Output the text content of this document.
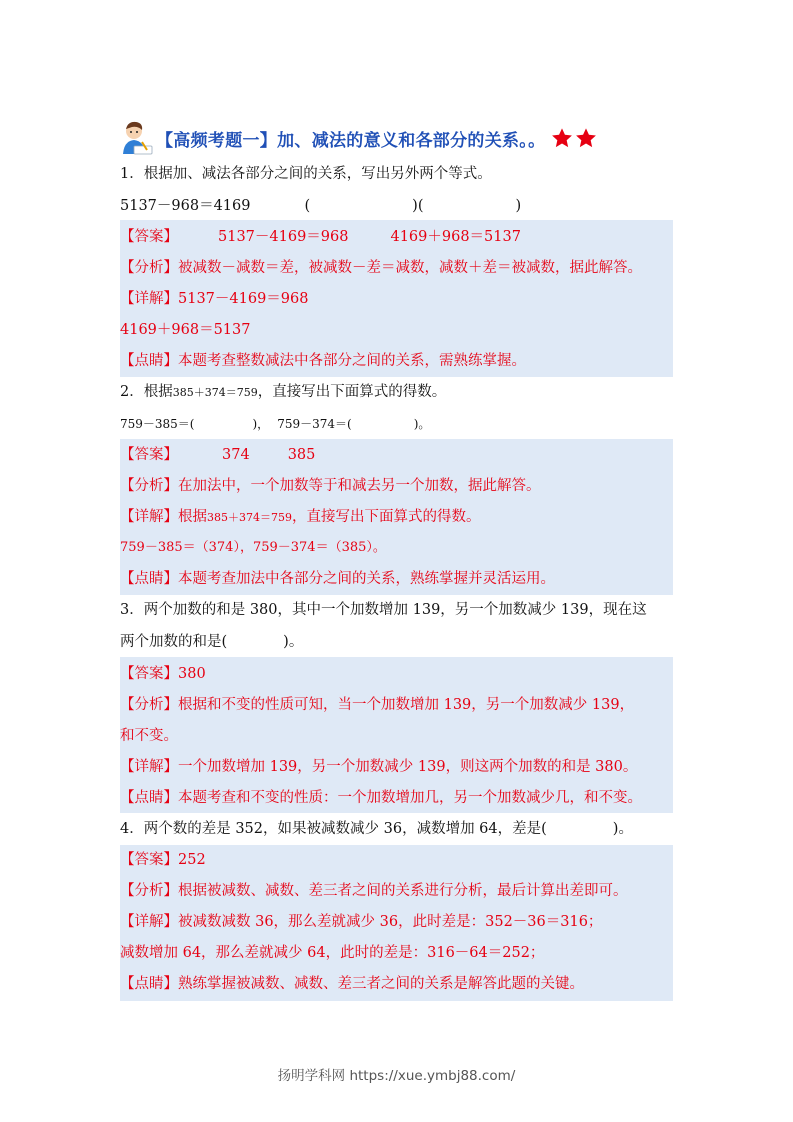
【高频考题一】加、减法的意义和各部分的关系。。
1．根据加、减法各部分之间的关系，写出另外两个等式。
5137－968＝4169	(	)(	)
【答案】	5137－4169＝968	4169＋968＝5137
【分析】被减数－减数＝差，被减数－差＝减数，减数＋差＝被减数，据此解答。
【详解】5137－4169＝968
4169＋968＝5137
【点睛】本题考查整数减法中各部分之间的关系，需熟练掌握。
2．根据385＋374＝759，直接写出下面算式的得数。
759－385＝(	)， 759－374＝(	)。
【答案】	374	385
【分析】在加法中，一个加数等于和减去另一个加数，据此解答。
【详解】根据385＋374＝759，直接写出下面算式的得数。
759－385＝（374），759－374＝（385）。
【点睛】本题考查加法中各部分之间的关系，熟练掌握并灵活运用。
3．两个加数的和是 380，其中一个加数增加 139，另一个加数减少 139，现在这
两个加数的和是(	)。
【答案】380
【分析】根据和不变的性质可知，当一个加数增加 139，另一个加数减少 139，
和不变。
【详解】一个加数增加 139，另一个加数减少 139，则这两个加数的和是 380。
【点睛】本题考查和不变的性质：一个加数增加几，另一个加数减少几，和不变。
4．两个数的差是 352，如果被减数减少 36，减数增加 64，差是(	)。
【答案】252
【分析】根据被减数、减数、差三者之间的关系进行分析，最后计算出差即可。
【详解】被减数减数 36，那么差就减少 36，此时差是：352－36＝316；
减数增加 64，那么差就减少 64，此时的差是：316－64＝252；
【点睛】熟练掌握被减数、减数、差三者之间的关系是解答此题的关键。
扬明学科网 https://xue.ymbj88.com/
